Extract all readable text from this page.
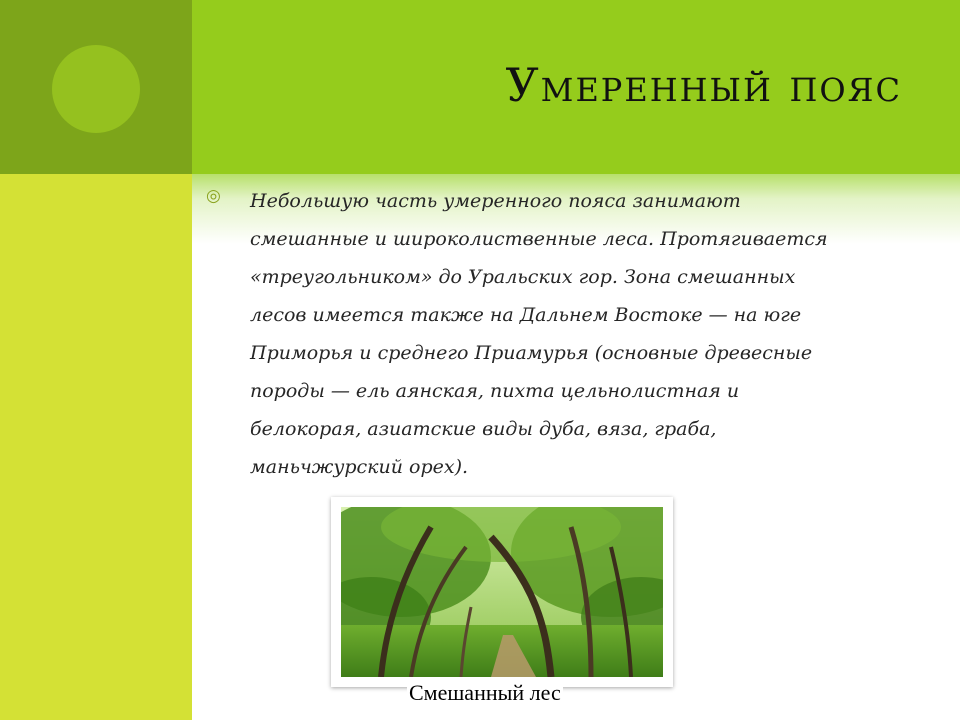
Умеренный пояс
◎ Небольшую часть умеренного пояса занимают смешанные и широколиственные леса. Протягивается «треугольником» до Уральских гор. Зона смешанных лесов имеется также на Дальнем Востоке — на юге Приморья и среднего Приамурья (основные древесные породы — ель аянская, пихта цельнолистная и белокорая, азиатские виды дуба, вяза, граба, маньчжурский орех).

Смешанный лес
